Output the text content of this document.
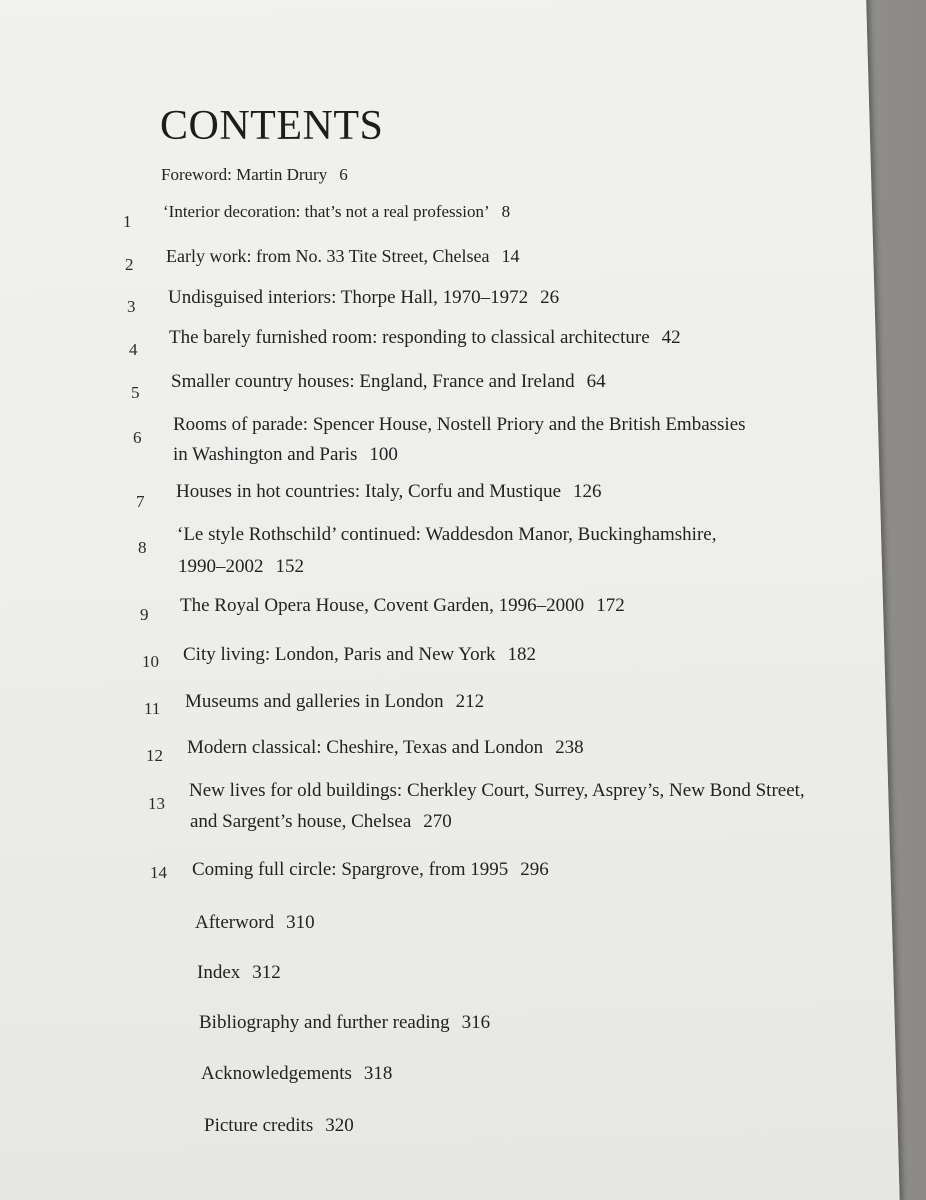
CONTENTS
Foreword: Martin Drury 6
1
‘Interior decoration: that’s not a real profession’ 8
2 Early work: from No. 33 Tite Street, Chelsea 14
3 Undisguised interiors: Thorpe Hall, 1970–1972 26
4
The barely furnished room: responding to classical architecture 42
5
Smaller country houses: England, France and Ireland 64
6
Rooms of parade: Spencer House, Nostell Priory and the British Embassies
in Washington and Paris 100
7 Houses in hot countries: Italy, Corfu and Mustique 126
8
‘Le style Rothschild’ continued: Waddesdon Manor, Buckinghamshire,
1990–2002 152
9 The Royal Opera House, Covent Garden, 1996–2000 172
10 City living: London, Paris and New York 182
11 Museums and galleries in London 212
12 Modern classical: Cheshire, Texas and London 238
13
New lives for old buildings: Cherkley Court, Surrey, Asprey’s, New Bond Street,
and Sargent’s house, Chelsea 270
14 Coming full circle: Spargrove, from 1995 296
Afterword 310
Index 312
Bibliography and further reading 316
Acknowledgements 318
Picture credits 320
